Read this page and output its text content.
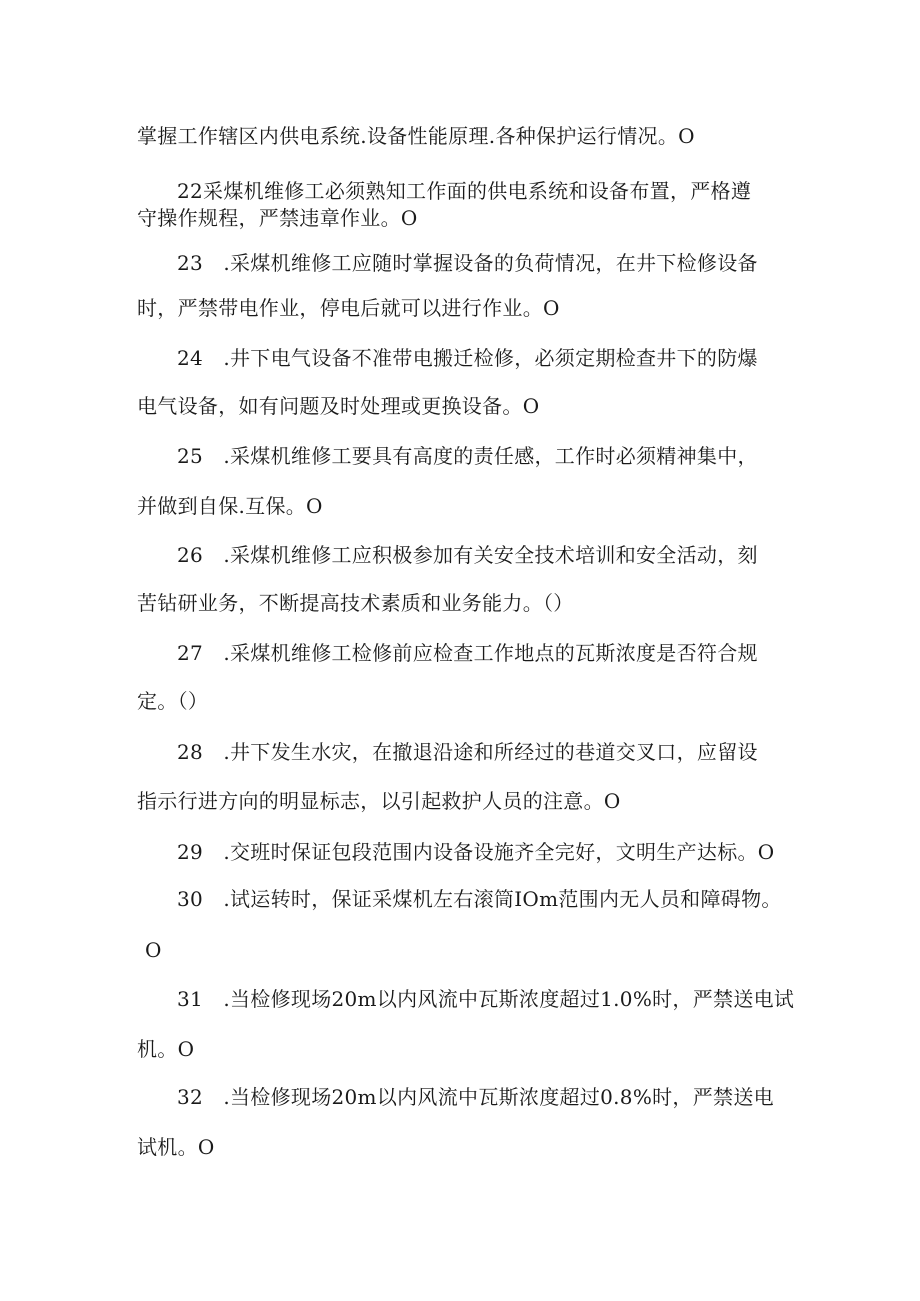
掌握工作辖区内供电系统.设备性能原理.各种保护运行情况。O
22采煤机维修工必须熟知工作面的供电系统和设备布置，严格遵
守操作规程，严禁违章作业。O
23　.采煤机维修工应随时掌握设备的负荷情况，在井下检修设备
时，严禁带电作业，停电后就可以进行作业。O
24　.井下电气设备不准带电搬迁检修，必须定期检查井下的防爆
电气设备，如有问题及时处理或更换设备。O
25　.采煤机维修工要具有高度的责任感，工作时必须精神集中，
并做到自保.互保。O
26　.采煤机维修工应积极参加有关安全技术培训和安全活动，刻
苦钻研业务，不断提高技术素质和业务能力。（）
27　.采煤机维修工检修前应检查工作地点的瓦斯浓度是否符合规
定。（）
28　.井下发生水灾，在撤退沿途和所经过的巷道交叉口，应留设
指示行进方向的明显标志，以引起救护人员的注意。O
29　.交班时保证包段范围内设备设施齐全完好，文明生产达标。O
30　.试运转时，保证采煤机左右滚筒IOm范围内无人员和障碍物。
O
31　.当检修现场20m以内风流中瓦斯浓度超过1.0%时，严禁送电试
机。O
32　.当检修现场20m以内风流中瓦斯浓度超过0.8%时，严禁送电
试机。O
